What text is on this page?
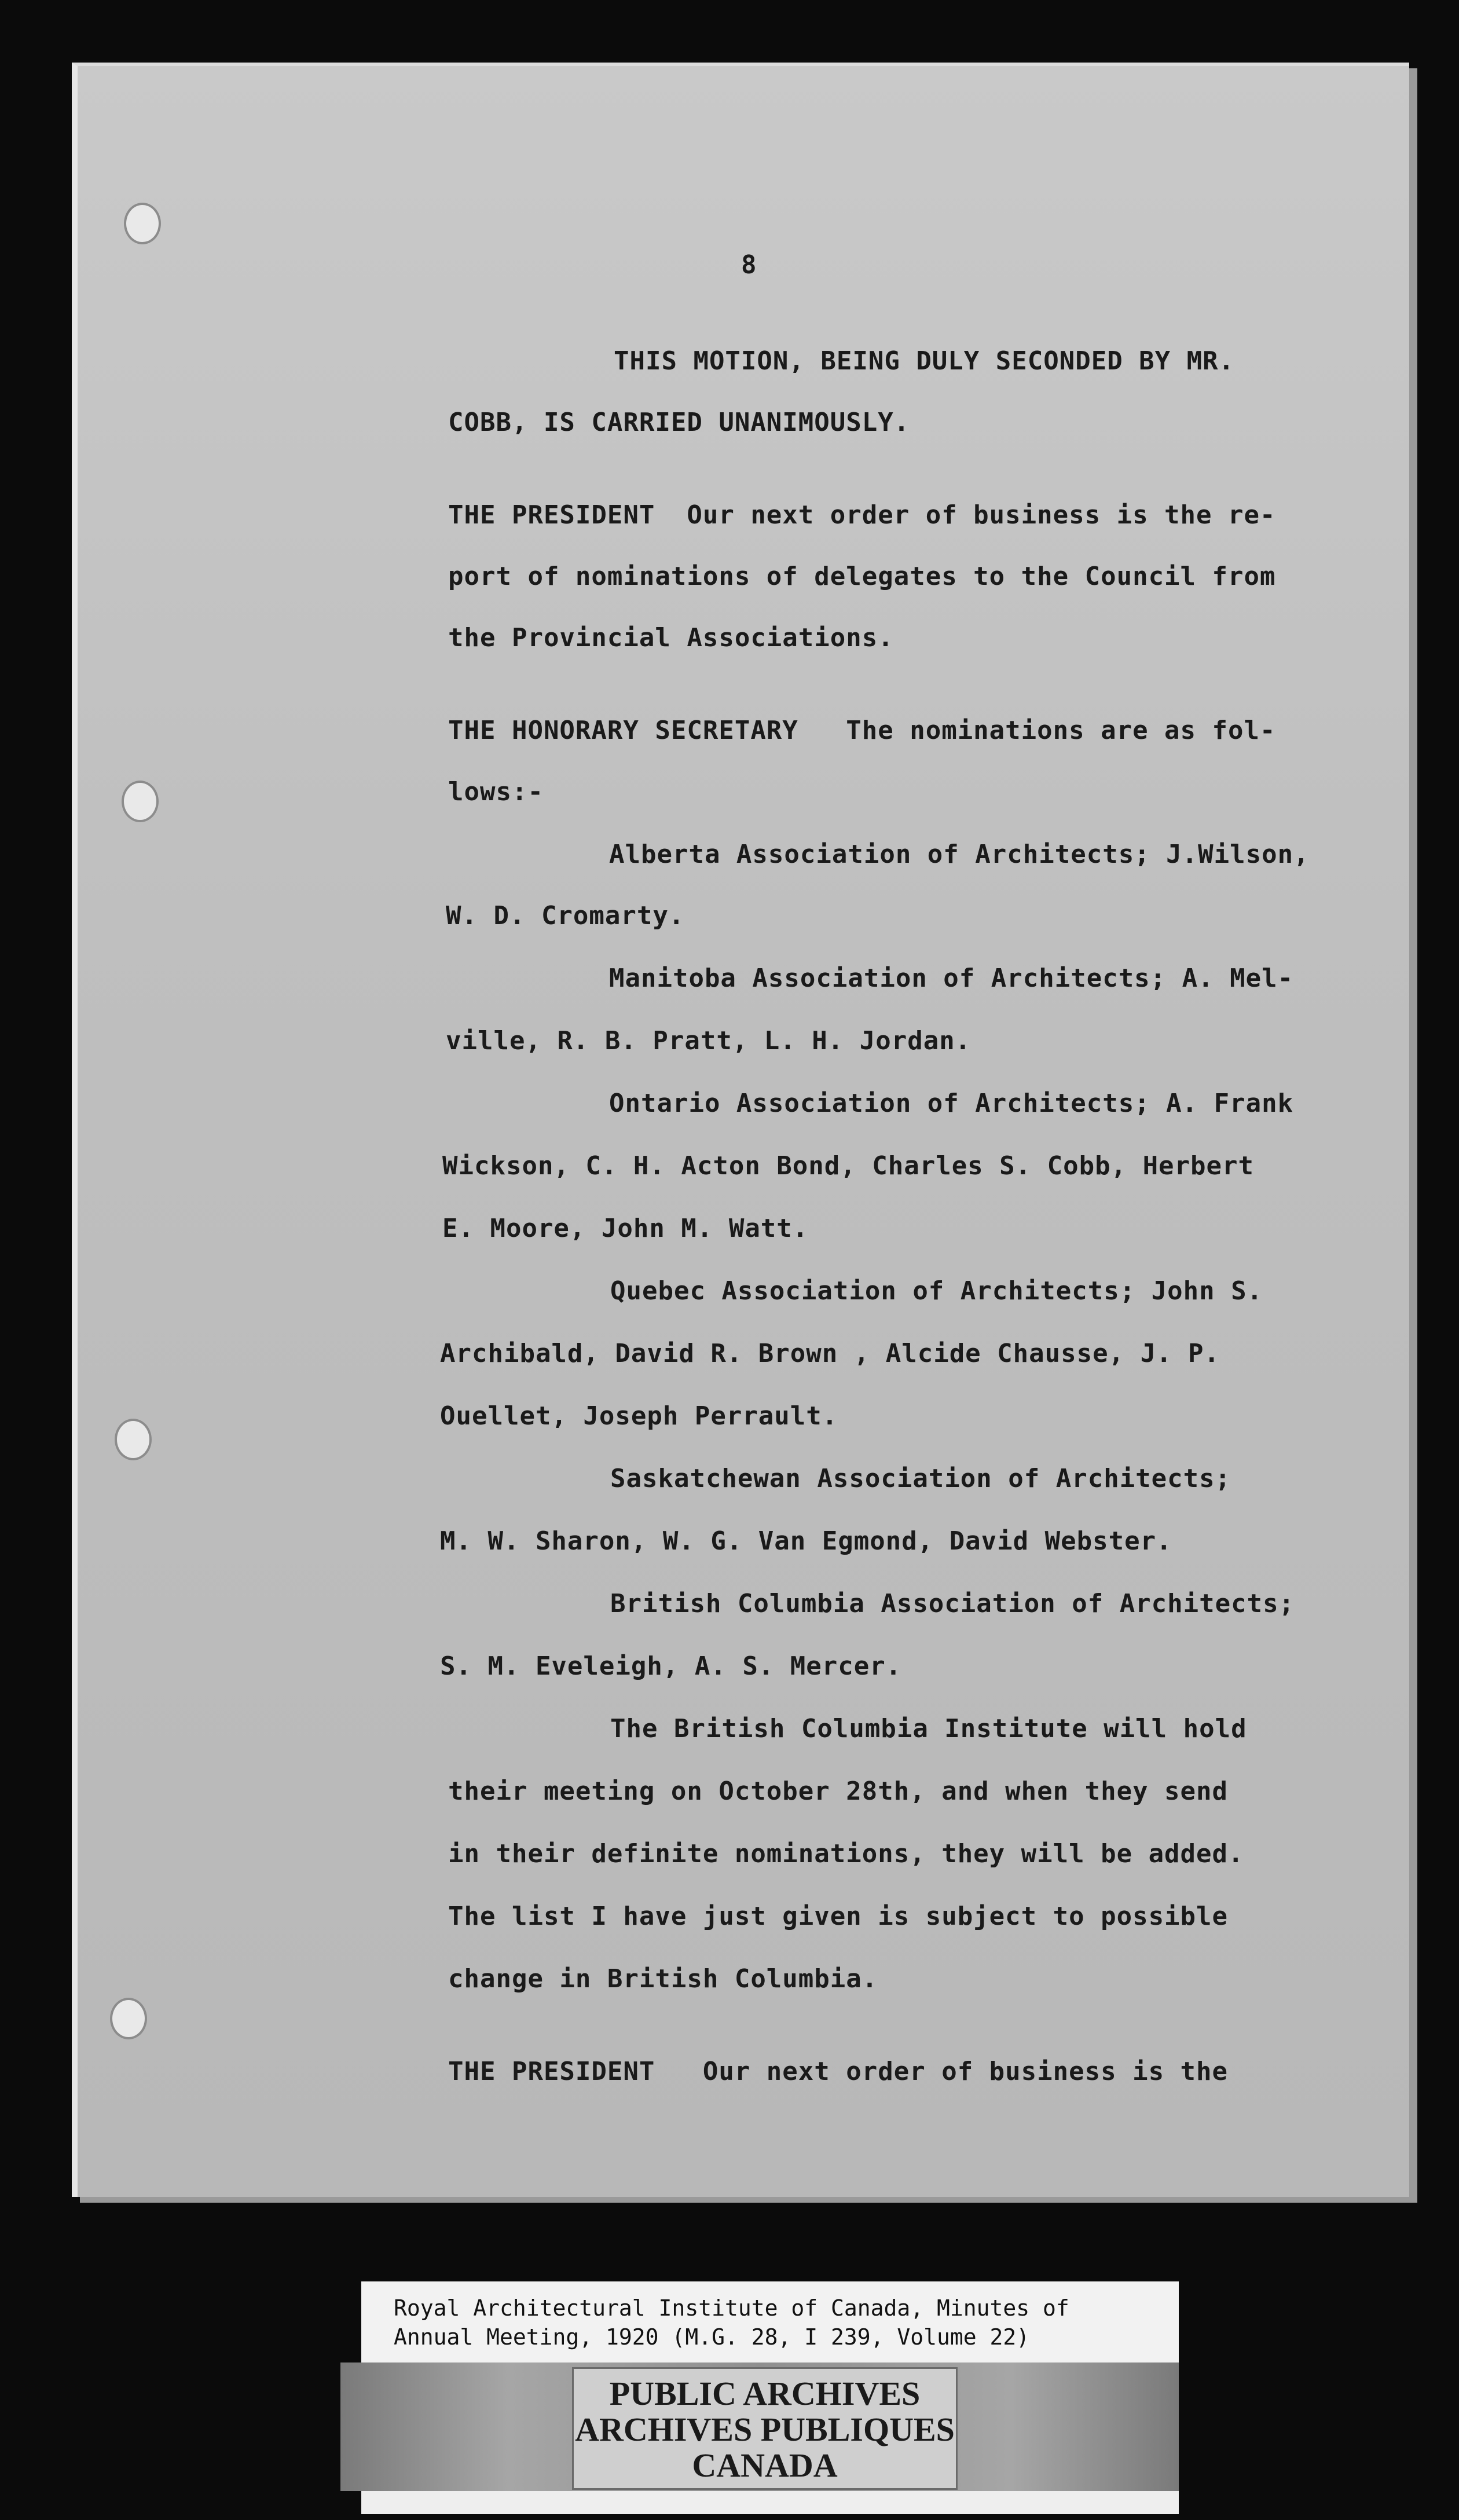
8
THIS MOTION, BEING DULY SECONDED BY MR.
COBB, IS CARRIED UNANIMOUSLY.
THE PRESIDENT  Our next order of business is the re-
port of nominations of delegates to the Council from
the Provincial Associations.
THE HONORARY SECRETARY   The nominations are as fol-
lows:-
Alberta Association of Architects; J.Wilson,
W. D. Cromarty.
Manitoba Association of Architects; A. Mel-
ville, R. B. Pratt, L. H. Jordan.
Ontario Association of Architects; A. Frank
Wickson, C. H. Acton Bond, Charles S. Cobb, Herbert
E. Moore, John M. Watt.
Quebec Association of Architects; John S.
Archibald, David R. Brown , Alcide Chausse, J. P.
Ouellet, Joseph Perrault.
Saskatchewan Association of Architects;
M. W. Sharon, W. G. Van Egmond, David Webster.
British Columbia Association of Architects;
S. M. Eveleigh, A. S. Mercer.
The British Columbia Institute will hold
their meeting on October 28th, and when they send
in their definite nominations, they will be added.
The list I have just given is subject to possible
change in British Columbia.
THE PRESIDENT   Our next order of business is the
Royal Architectural Institute of Canada, Minutes of
Annual Meeting, 1920 (M.G. 28, I 239, Volume 22)
PUBLIC ARCHIVES
ARCHIVES PUBLIQUES
CANADA
